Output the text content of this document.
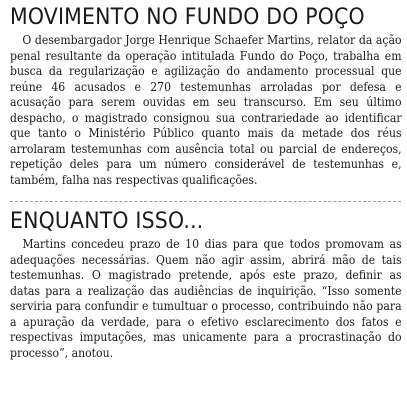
MOVIMENTO NO FUNDO DO POÇO

O desembargador Jorge Henrique Schaefer Martins, relator da ação penal resultante da operação intitulada Fundo do Poço, trabalha em busca da regularização e agilização do andamento processual que reúne 46 acusados e 270 testemunhas arroladas por defesa e acusação para serem ouvidas em seu transcurso. Em seu último despacho, o magistrado consignou sua contrariedade ao identificar que tanto o Ministério Público quanto mais da metade dos réus arrolaram testemunhas com ausência total ou parcial de endereços, repetição deles para um número considerável de testemunhas e, também, falha nas respectivas qualificações.

ENQUANTO ISSO...

Martins concedeu prazo de 10 dias para que todos promovam as adequações necessárias. Quem não agir assim, abrirá mão de tais testemunhas. O magistrado pretende, após este prazo, definir as datas para a realização das audiências de inquirição. “Isso somente serviria para confundir e tumultuar o processo, contribuindo não para a apuração da verdade, para o efetivo esclarecimento dos fatos e respectivas imputações, mas unicamente para a procrastinação do processo”, anotou.
